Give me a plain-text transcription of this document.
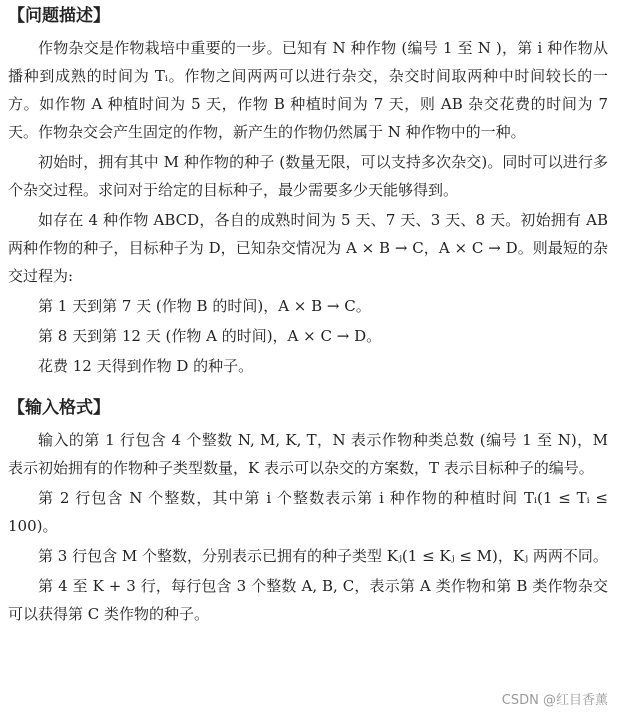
【问题描述】

作物杂交是作物栽培中重要的一步。已知有 N 种作物 (编号 1 至 N )，第 i 种作物从播种到成熟的时间为 Tᵢ。作物之间两两可以进行杂交，杂交时间取两种中时间较长的一方。如作物 A 种植时间为 5 天，作物 B 种植时间为 7 天，则 AB 杂交花费的时间为 7 天。作物杂交会产生固定的作物，新产生的作物仍然属于 N 种作物中的一种。

初始时，拥有其中 M 种作物的种子 (数量无限，可以支持多次杂交)。同时可以进行多个杂交过程。求问对于给定的目标种子，最少需要多少天能够得到。

如存在 4 种作物 ABCD，各自的成熟时间为 5 天、7 天、3 天、8 天。初始拥有 AB 两种作物的种子，目标种子为 D，已知杂交情况为 A × B → C，A × C → D。则最短的杂交过程为:

第 1 天到第 7 天 (作物 B 的时间)，A × B → C。

第 8 天到第 12 天 (作物 A 的时间)，A × C → D。

花费 12 天得到作物 D 的种子。

【输入格式】

输入的第 1 行包含 4 个整数 N, M, K, T，N 表示作物种类总数 (编号 1 至 N)，M 表示初始拥有的作物种子类型数量，K 表示可以杂交的方案数，T 表示目标种子的编号。

第 2 行包含 N 个整数，其中第 i 个整数表示第 i 种作物的种植时间 Tᵢ(1 ≤ Tᵢ ≤ 100)。

第 3 行包含 M 个整数，分别表示已拥有的种子类型 Kⱼ(1 ≤ Kⱼ ≤ M)，Kⱼ 两两不同。

第 4 至 K + 3 行，每行包含 3 个整数 A, B, C，表示第 A 类作物和第 B 类作物杂交可以获得第 C 类作物的种子。

CSDN @红目香薰
